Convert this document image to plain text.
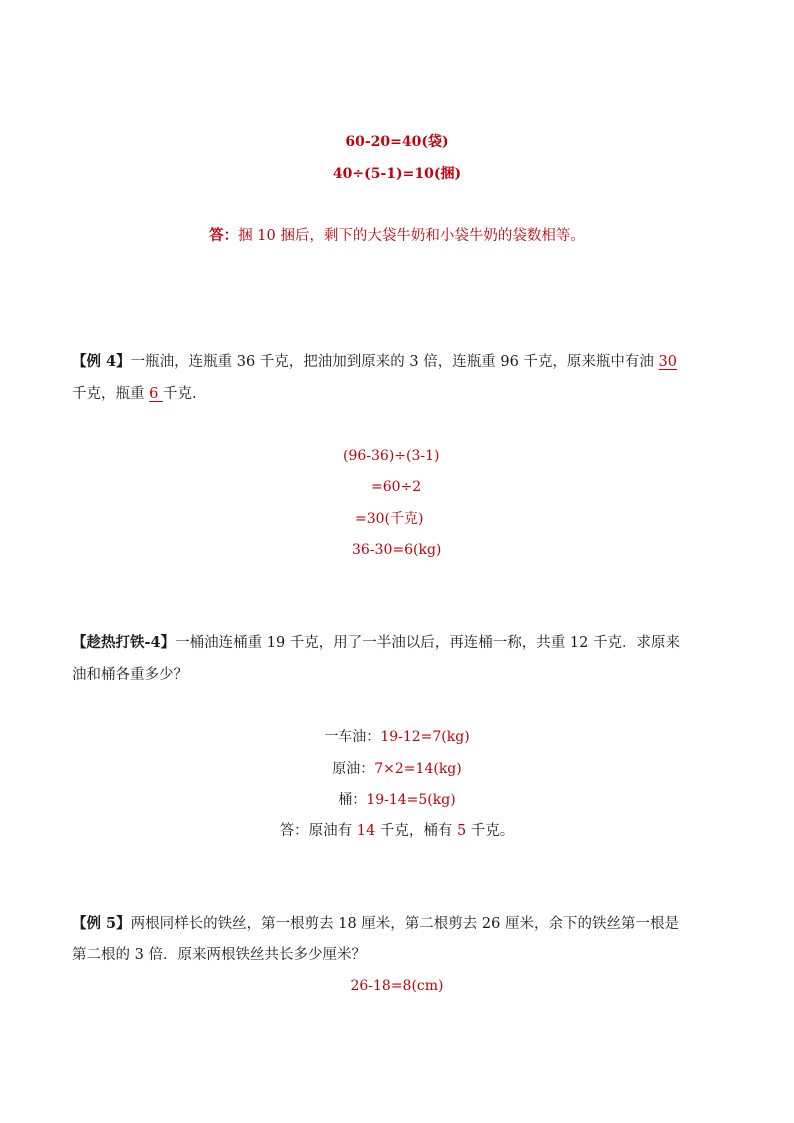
60-20=40(袋)
40÷(5-1)=10(捆)
答：捆 10 捆后，剩下的大袋牛奶和小袋牛奶的袋数相等。
【例 4】一瓶油，连瓶重 36 千克，把油加到原来的 3 倍，连瓶重 96 千克，原来瓶中有油 30
千克，瓶重 6 千克.
(96-36)÷(3-1)
=60÷2
=30(千克)
36-30=6(kg)
【趁热打铁-4】一桶油连桶重 19 千克，用了一半油以后，再连桶一称，共重 12 千克．求原来
油和桶各重多少？
一车油：19-12=7(kg)
原油：7×2=14(kg)
桶：19-14=5(kg)
答：原油有 14 千克，桶有 5 千克。
【例 5】两根同样长的铁丝，第一根剪去 18 厘米，第二根剪去 26 厘米，余下的铁丝第一根是
第二根的 3 倍．原来两根铁丝共长多少厘米？
26-18=8(cm)
